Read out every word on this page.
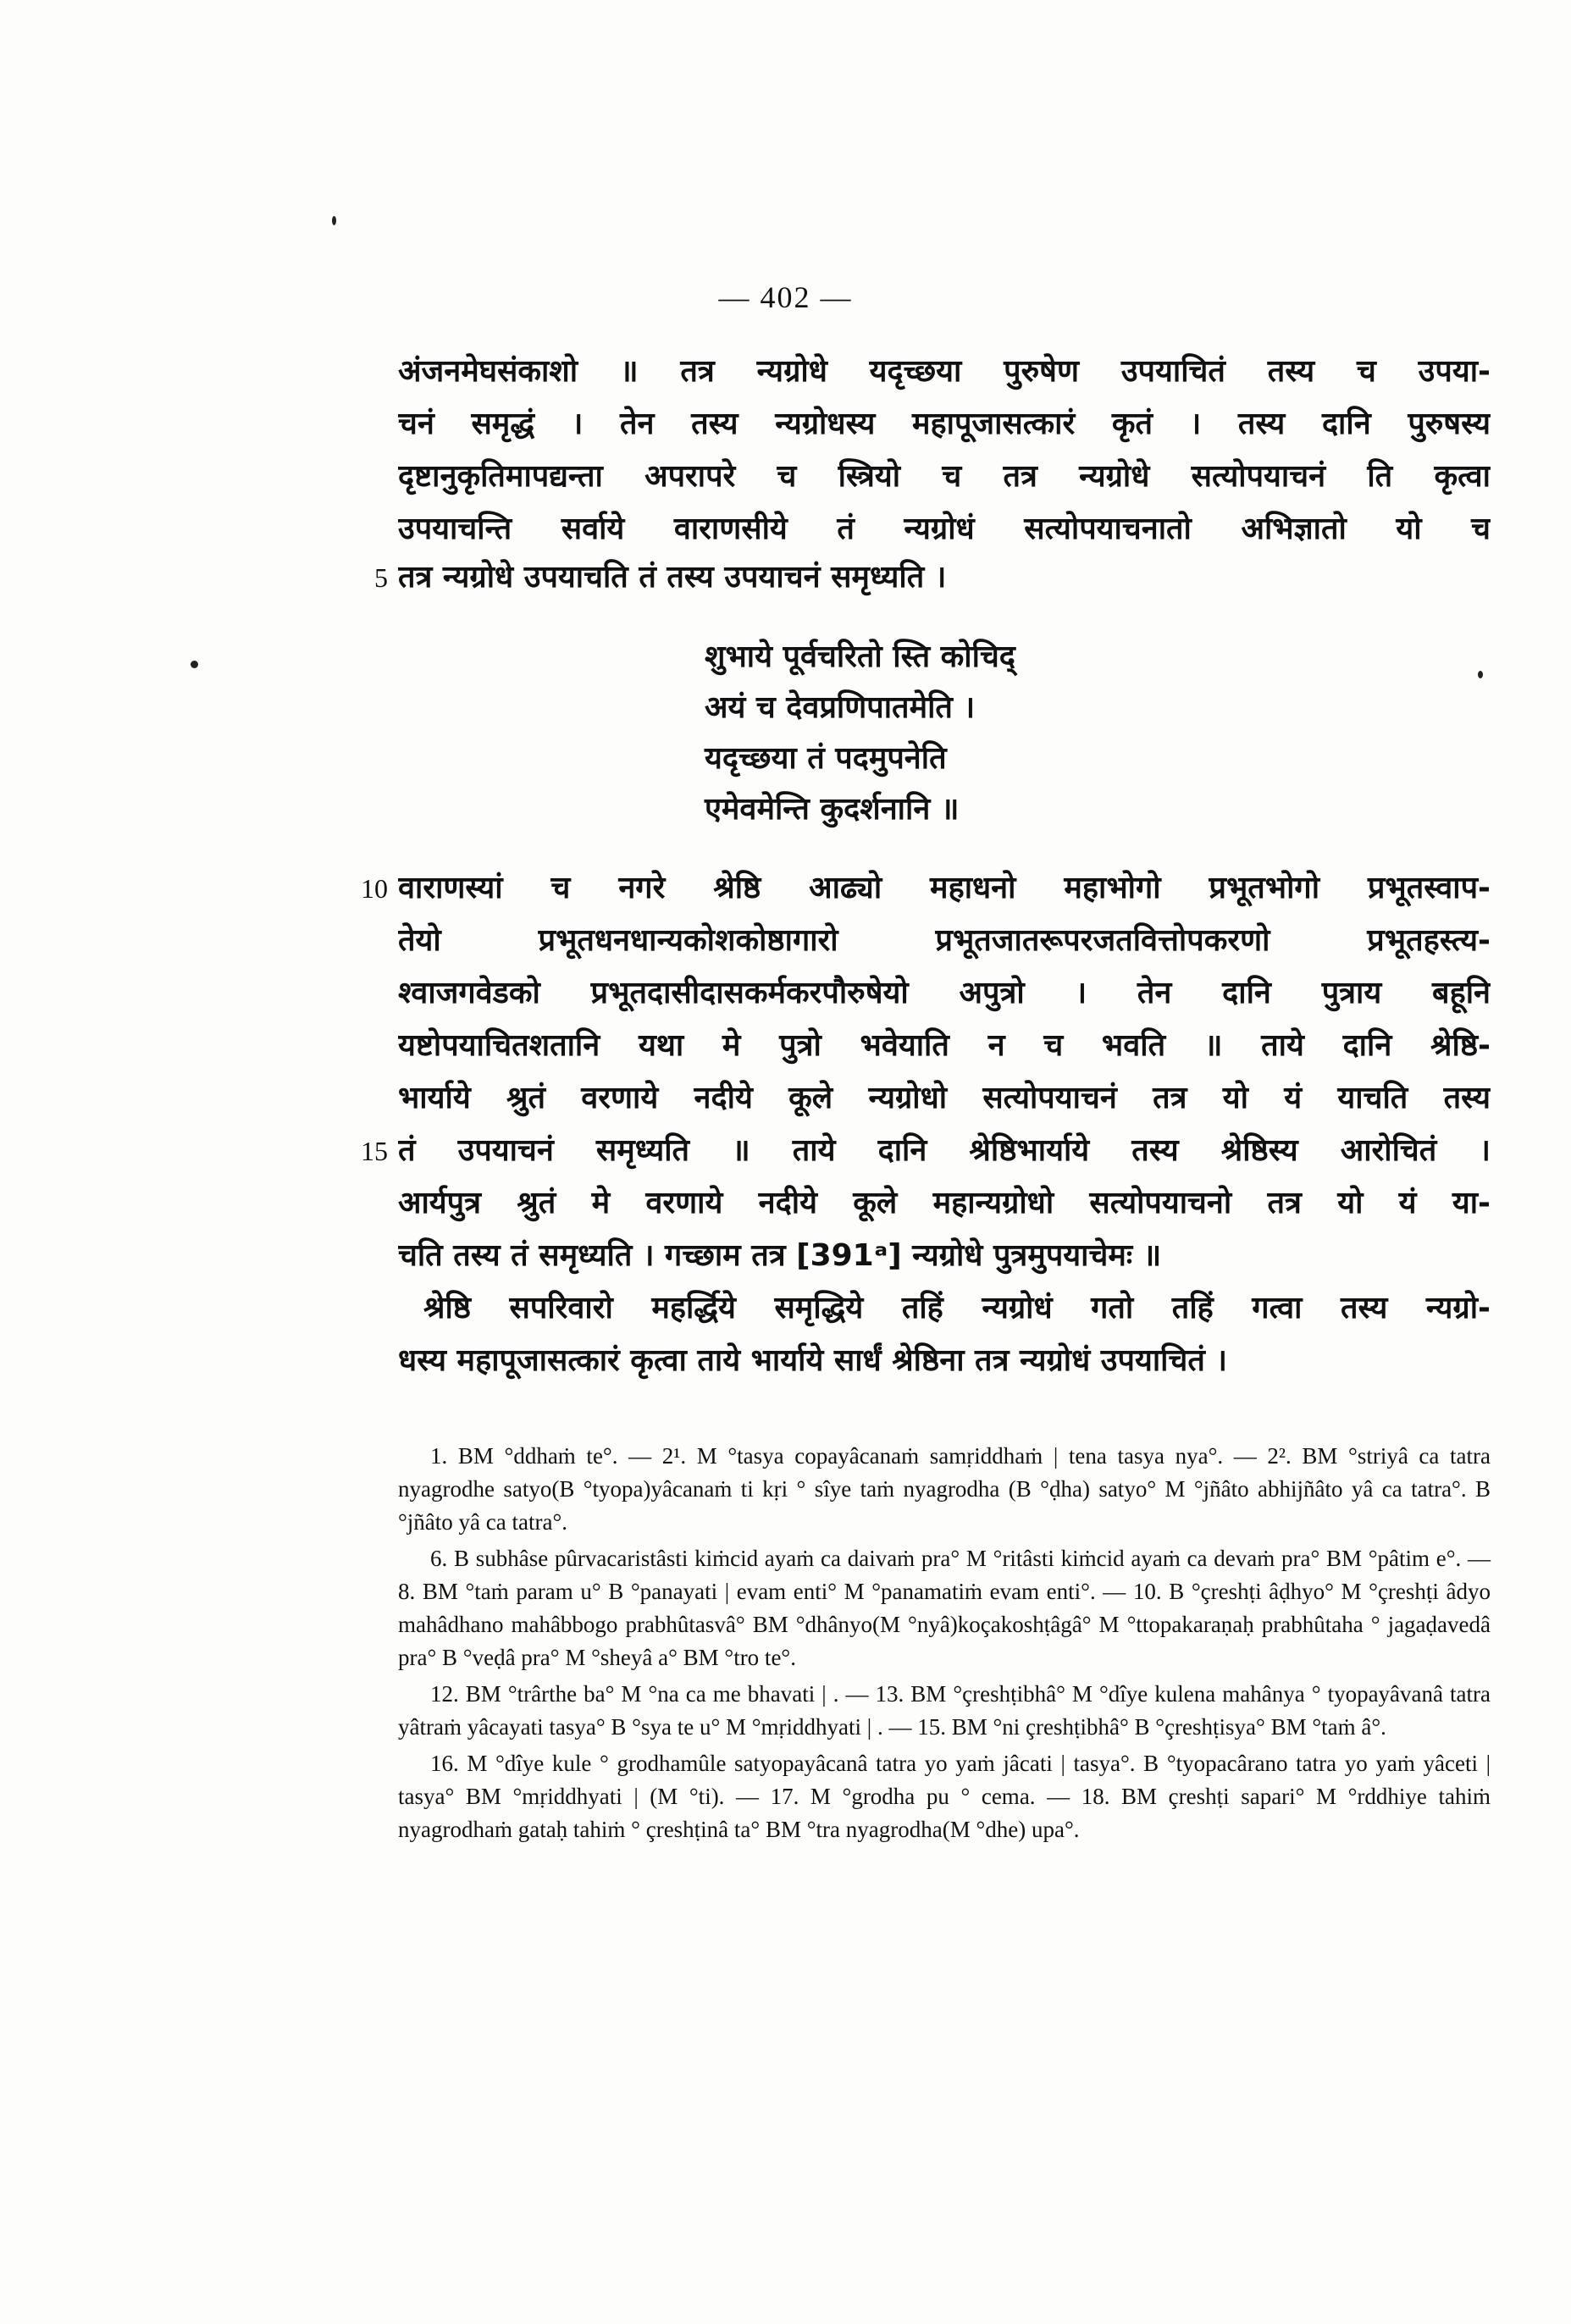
— 402 —
5
10
15
अंजनमेघसंकाशो ॥ तत्र न्यग्रोधे यदृच्छया पुरुषेण उपयाचितं तस्य च उपया-
चनं समृद्धं । तेन तस्य न्यग्रोधस्य महापूजासत्कारं कृतं । तस्य दानि पुरुषस्य
दृष्टानुकृतिमापद्यन्ता अपरापरे च स्त्रियो च तत्र न्यग्रोधे सत्योपयाचनं ति कृत्वा
उपयाचन्ति सर्वाये वाराणसीये तं न्यग्रोधं सत्योपयाचनातो अभिज्ञातो यो च
तत्र न्यग्रोधे उपयाचति तं तस्य उपयाचनं समृध्यति ।
शुभाये पूर्वचरितो स्ति कोचिद्
अयं च देवप्रणिपातमेति ।
यदृच्छया तं पदमुपनेति
एमेवमेन्ति कुदर्शनानि ॥
वाराणस्यां च नगरे श्रेष्ठि आढ्यो महाधनो महाभोगो प्रभूतभोगो प्रभूतस्वाप-
तेयो प्रभूतधनधान्यकोशकोष्ठागारो प्रभूतजातरूपरजतवित्तोपकरणो प्रभूतहस्त्य-
श्वाजगवेडको प्रभूतदासीदासकर्मकरपौरुषेयो अपुत्रो । तेन दानि पुत्राय बहूनि
यष्टोपयाचितशतानि यथा मे पुत्रो भवेयाति न च भवति ॥ ताये दानि श्रेष्ठि-
भार्याये श्रुतं वरणाये नदीये कूले न्यग्रोधो सत्योपयाचनं तत्र यो यं याचति तस्य
तं उपयाचनं समृध्यति ॥ ताये दानि श्रेष्ठिभार्याये तस्य श्रेष्ठिस्य आरोचितं ।
आर्यपुत्र श्रुतं मे वरणाये नदीये कूले महान्यग्रोधो सत्योपयाचनो तत्र यो यं या-
चति तस्य तं समृध्यति । गच्छाम तत्र [391ᵃ] न्यग्रोधे पुत्रमुपयाचेमः ॥
श्रेष्ठि सपरिवारो महर्द्धिये समृद्धिये तहिं न्यग्रोधं गतो तहिं गत्वा तस्य न्यग्रो-
धस्य महापूजासत्कारं कृत्वा ताये भार्याये सार्धं श्रेष्ठिना तत्र न्यग्रोधं उपयाचितं ।

1. BM °ddhaṁ te°. — 2¹. M °tasya copayâcanaṁ samṛiddhaṁ | tena tasya nya°. — 2². BM °striyâ ca tatra nyagrodhe satyo(B °tyopa)yâcanaṁ ti kṛi ° sîye taṁ nyagrodha (B °ḍha) satyo° M °jñâto abhijñâto yâ ca tatra°. B °jñâto yâ ca tatra°.

6. B subhâse pûrvacaristâsti kiṁcid ayaṁ ca daivaṁ pra° M °ritâsti kiṁcid ayaṁ ca devaṁ pra° BM °pâtim e°. — 8. BM °taṁ param u° B °panayati | evam enti° M °panamatiṁ evam enti°. — 10. B °çreshṭi âḍhyo° M °çreshṭi âdyo mahâdhano mahâbbogo prabhûtasvâ° BM °dhânyo(M °nyâ)koçakoshṭâgâ° M °ttopakaraṇaḥ prabhûtaha ° jagaḍavedâ pra° B °veḍâ pra° M °sheyâ a° BM °tro te°.

12. BM °trârthe ba° M °na ca me bhavati | . — 13. BM °çreshṭibhâ° M °dîye kulena mahânya ° tyopayâvanâ tatra yâtraṁ yâcayati tasya° B °sya te u° M °mṛiddhyati | . — 15. BM °ni çreshṭibhâ° B °çreshṭisya° BM °taṁ â°.

16. M °dîye kule ° grodhamûle satyopayâcanâ tatra yo yaṁ jâcati | tasya°. B °tyopacârano tatra yo yaṁ yâceti | tasya° BM °mṛiddhyati | (M °ti). — 17. M °grodha pu ° cema. — 18. BM çreshṭi sapari° M °rddhiye tahiṁ nyagrodhaṁ gataḥ tahiṁ ° çreshṭinâ ta° BM °tra nyagrodha(M °dhe) upa°.
